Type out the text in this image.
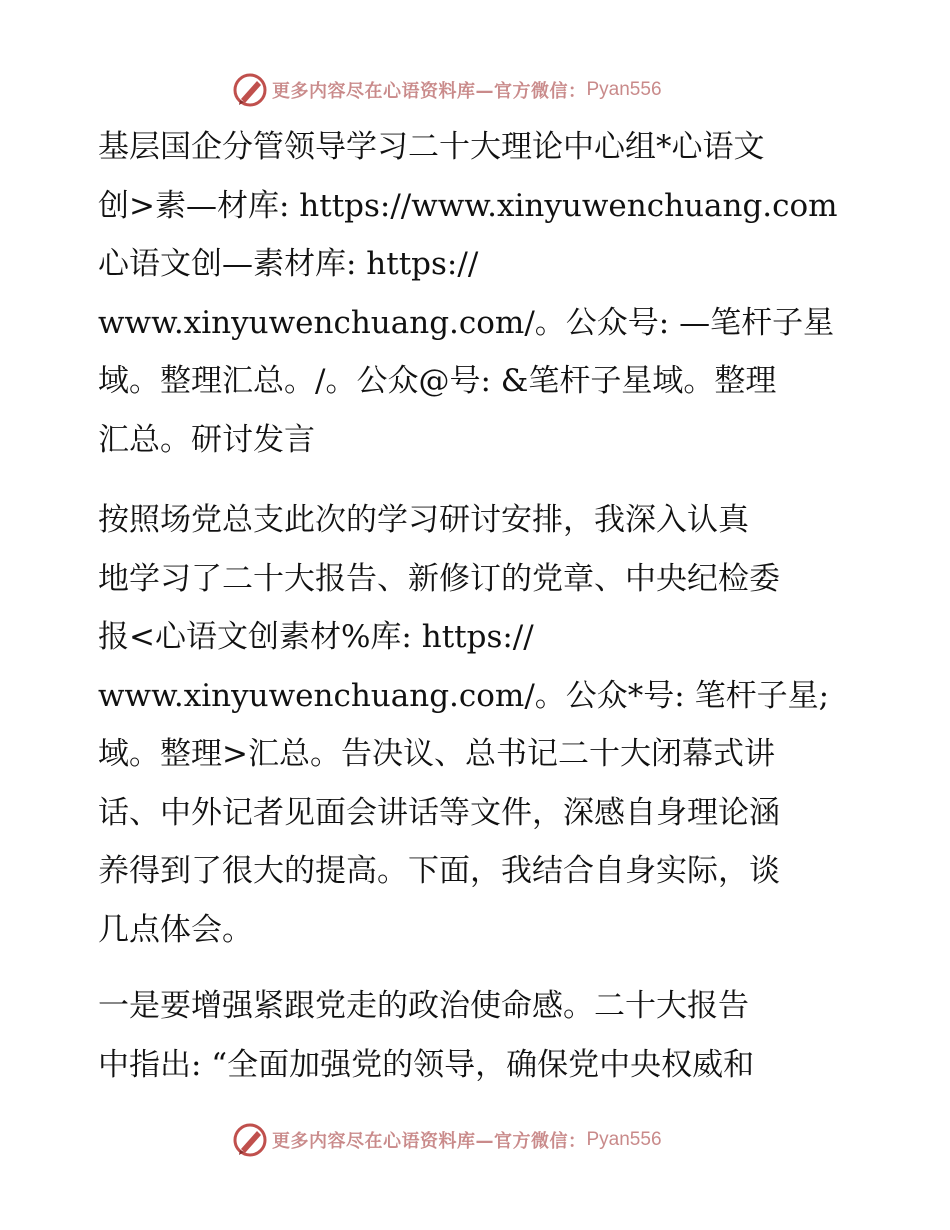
更多内容尽在心语资料库—官方微信： Pyan556

基层国企分管领导学习二十大理论中心组*心语文
创>素—材库: https://www.xinyuwenchuang.com
心语文创—素材库: https://
www.xinyuwenchuang.com/。公众号: —笔杆子星
域。整理汇总。/。公众@号: &笔杆子星域。整理
汇总。研讨发言

按照场党总支此次的学习研讨安排，我深入认真
地学习了二十大报告、新修订的党章、中央纪检委
报<心语文创素材%库: https://
www.xinyuwenchuang.com/。公众*号: 笔杆子星;
域。整理>汇总。告决议、总书记二十大闭幕式讲
话、中外记者见面会讲话等文件，深感自身理论涵
养得到了很大的提高。下面，我结合自身实际，谈
几点体会。

一是要增强紧跟党走的政治使命感。二十大报告
中指出: “全面加强党的领导，确保党中央权威和

更多内容尽在心语资料库—官方微信： Pyan556
